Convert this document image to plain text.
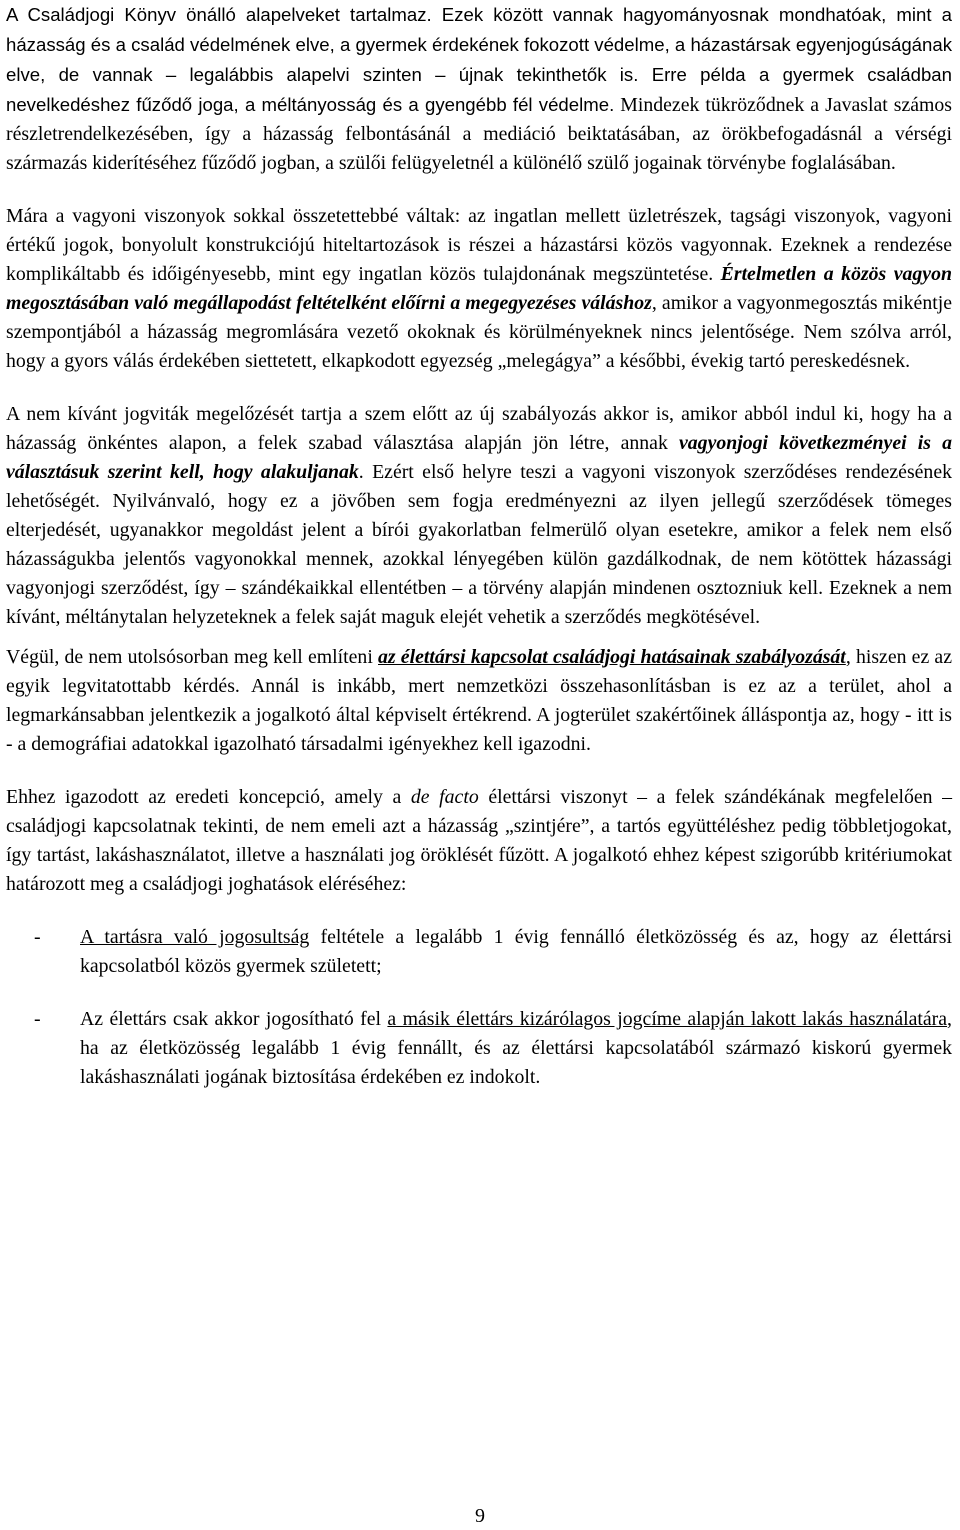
A Családjogi Könyv önálló alapelveket tartalmaz. Ezek között vannak hagyományosnak mondhatóak, mint a házasság és a család védelmének elve, a gyermek érdekének fokozott védelme, a házastársak egyenjogúságának elve, de vannak – legalábbis alapelvi szinten – újnak tekinthetők is. Erre példa a gyermek családban nevelkedéshez fűződő joga, a méltányosság és a gyengébb fél védelme. Mindezek tükröződnek a Javaslat számos részletrendelkezésében, így a házasság felbontásánál a mediáció beiktatásában, az örökbefogadásnál a vérségi származás kiderítéséhez fűződő jogban, a szülői felügyeletnél a különélő szülő jogainak törvénybe foglalásában.

Mára a vagyoni viszonyok sokkal összetettebbé váltak: az ingatlan mellett üzletrészek, tagsági viszonyok, vagyoni értékű jogok, bonyolult konstrukciójú hiteltartozások is részei a házastársi közös vagyonnak. Ezeknek a rendezése komplikáltabb és időigényesebb, mint egy ingatlan közös tulajdonának megszüntetése. Értelmetlen a közös vagyon megosztásában való megállapodást feltételként előírni a megegyezéses váláshoz, amikor a vagyonmegosztás mikéntje szempontjából a házasság megromlására vezető okoknak és körülményeknek nincs jelentősége. Nem szólva arról, hogy a gyors válás érdekében siettetett, elkapkodott egyezség „melegágya” a későbbi, évekig tartó pereskedésnek.

A nem kívánt jogviták megelőzését tartja a szem előtt az új szabályozás akkor is, amikor abból indul ki, hogy ha a házasság önkéntes alapon, a felek szabad választása alapján jön létre, annak vagyonjogi következményei is a választásuk szerint kell, hogy alakuljanak. Ezért első helyre teszi a vagyoni viszonyok szerződéses rendezésének lehetőségét. Nyilvánvaló, hogy ez a jövőben sem fogja eredményezni az ilyen jellegű szerződések tömeges elterjedését, ugyanakkor megoldást jelent a bírói gyakorlatban felmerülő olyan esetekre, amikor a felek nem első házasságukba jelentős vagyonokkal mennek, azokkal lényegében külön gazdálkodnak, de nem kötöttek házassági vagyonjogi szerződést, így – szándékaikkal ellentétben – a törvény alapján mindenen osztozniuk kell. Ezeknek a nem kívánt, méltánytalan helyzeteknek a felek saját maguk elejét vehetik a szerződés megkötésével.

Végül, de nem utolsósorban meg kell említeni az élettársi kapcsolat családjogi hatásainak szabályozását, hiszen ez az egyik legvitatottabb kérdés. Annál is inkább, mert nemzetközi összehasonlításban is ez az a terület, ahol a legmarkánsabban jelentkezik a jogalkotó által képviselt értékrend. A jogterület szakértőinek álláspontja az, hogy - itt is - a demográfiai adatokkal igazolható társadalmi igényekhez kell igazodni.

Ehhez igazodott az eredeti koncepció, amely a de facto élettársi viszonyt – a felek szándékának megfelelően – családjogi kapcsolatnak tekinti, de nem emeli azt a házasság „szintjére”, a tartós együttéléshez pedig többletjogokat, így tartást, lakáshasználatot, illetve a használati jog öröklését fűzött. A jogalkotó ehhez képest szigorúbb kritériumokat határozott meg a családjogi joghatások eléréséhez:

- A tartásra való jogosultság feltétele a legalább 1 évig fennálló életközösség és az, hogy az élettársi kapcsolatból közös gyermek született;

- Az élettárs csak akkor jogosítható fel a másik élettárs kizárólagos jogcíme alapján lakott lakás használatára, ha az életközösség legalább 1 évig fennállt, és az élettársi kapcsolatából származó kiskorú gyermek lakáshasználati jogának biztosítása érdekében ez indokolt.

9
